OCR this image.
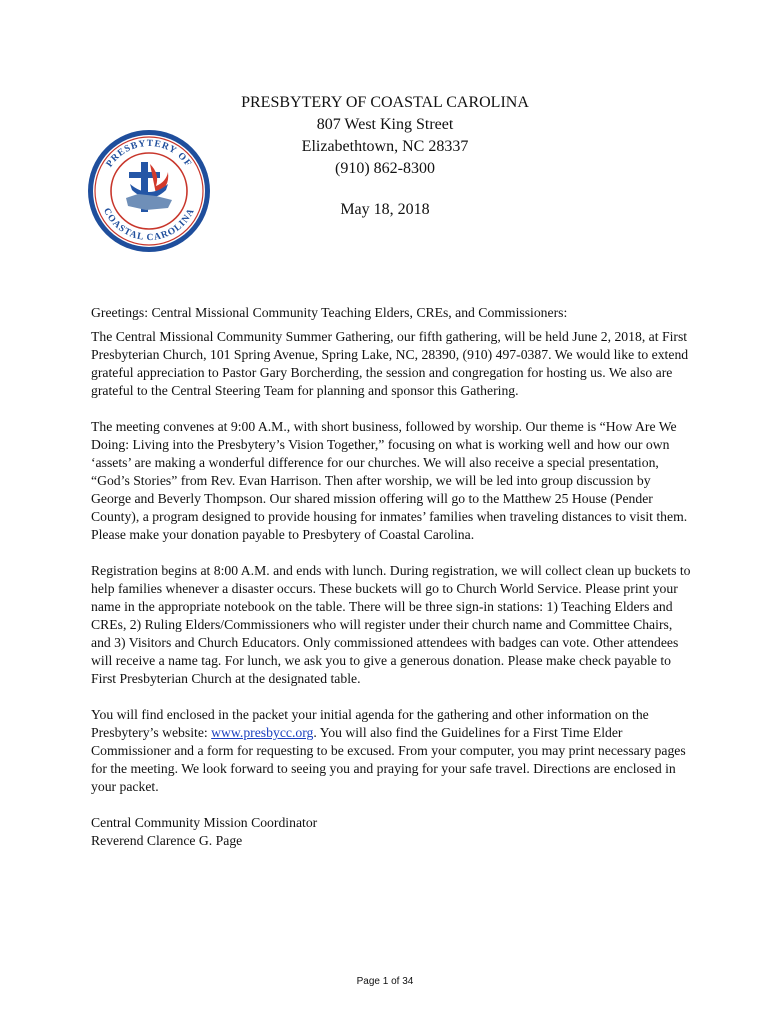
PRESBYTERY OF
COASTAL CAROLINA
PRESBYTERY OF COASTAL CAROLINA
807 West King Street
Elizabethtown, NC 28337
(910) 862-8300
May 18, 2018

Greetings: Central Missional Community Teaching Elders, CREs, and Commissioners:

The Central Missional Community Summer Gathering, our fifth gathering, will be held June 2, 2018, at First Presbyterian Church, 101 Spring Avenue, Spring Lake, NC, 28390, (910) 497-0387. We would like to extend grateful appreciation to Pastor Gary Borcherding, the session and congregation for hosting us. We also are grateful to the Central Steering Team for planning and sponsor this Gathering.

The meeting convenes at 9:00 A.M., with short business, followed by worship. Our theme is “How Are We Doing: Living into the Presbytery’s Vision Together,” focusing on what is working well and how our own ‘assets’ are making a wonderful difference for our churches. We will also receive a special presentation, “God’s Stories” from Rev. Evan Harrison. Then after worship, we will be led into group discussion by George and Beverly Thompson. Our shared mission offering will go to the Matthew 25 House (Pender County), a program designed to provide housing for inmates’ families when traveling distances to visit them. Please make your donation payable to Presbytery of Coastal Carolina.

Registration begins at 8:00 A.M. and ends with lunch. During registration, we will collect clean up buckets to help families whenever a disaster occurs. These buckets will go to Church World Service. Please print your name in the appropriate notebook on the table. There will be three sign-in stations: 1) Teaching Elders and CREs, 2) Ruling Elders/Commissioners who will register under their church name and Committee Chairs, and 3) Visitors and Church Educators. Only commissioned attendees with badges can vote. Other attendees will receive a name tag. For lunch, we ask you to give a generous donation. Please make check payable to First Presbyterian Church at the designated table.

You will find enclosed in the packet your initial agenda for the gathering and other information on the Presbytery’s website: www.presbycc.org. You will also find the Guidelines for a First Time Elder Commissioner and a form for requesting to be excused. From your computer, you may print necessary pages for the meeting. We look forward to seeing you and praying for your safe travel. Directions are enclosed in your packet.

Central Community Mission Coordinator
Reverend Clarence G. Page
Page 1 of 34
